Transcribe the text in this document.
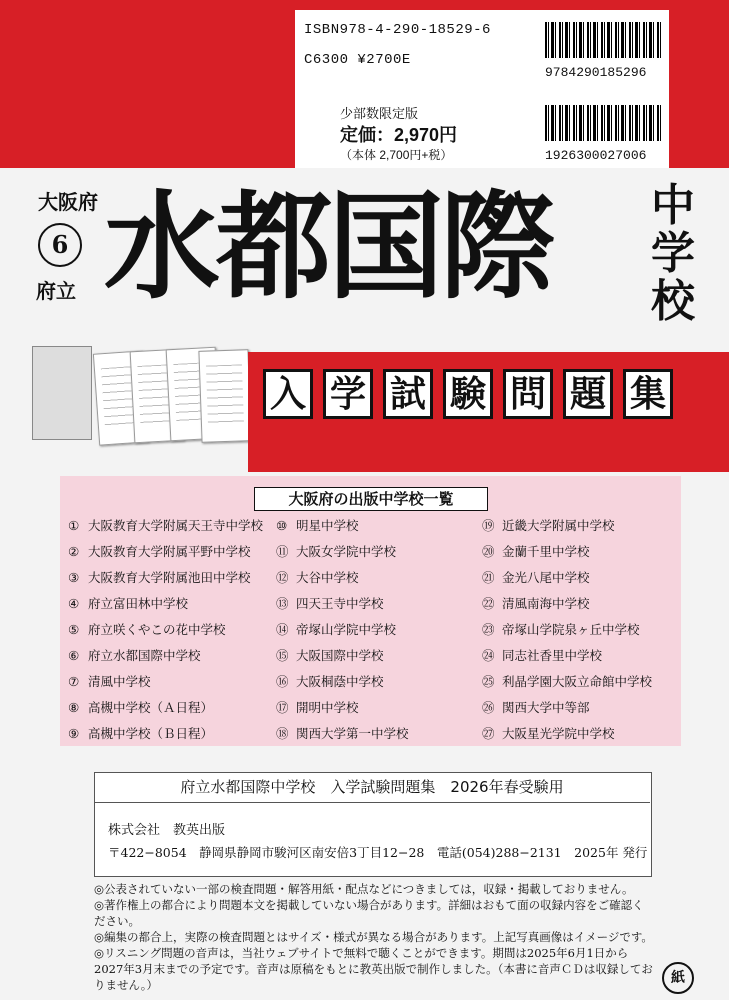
ISBN978-4-290-18529-6
C6300 ¥2700E
9784290185296
1926300027006
少部数限定版
定価：2,970円
（本体 2,700円+税）
大阪府
6
府立 水都国際 中学校
入 学 試 験 問 題 集
大阪府の出版中学校一覧
① 大阪教育大学附属天王寺中学校
② 大阪教育大学附属平野中学校
③ 大阪教育大学附属池田中学校
④ 府立富田林中学校
⑤ 府立咲くやこの花中学校
⑥ 府立水都国際中学校
⑦ 清風中学校
⑧ 高槻中学校（Ａ日程）
⑨ 高槻中学校（Ｂ日程）
⑩ 明星中学校
⑪ 大阪女学院中学校
⑫ 大谷中学校
⑬ 四天王寺中学校
⑭ 帝塚山学院中学校
⑮ 大阪国際中学校
⑯ 大阪桐蔭中学校
⑰ 開明中学校
⑱ 関西大学第一中学校
⑲ 近畿大学附属中学校
⑳ 金蘭千里中学校
㉑ 金光八尾中学校
㉒ 清風南海中学校
㉓ 帝塚山学院泉ヶ丘中学校
㉔ 同志社香里中学校
㉕ 利晶学園大阪立命館中学校
㉖ 関西大学中等部
㉗ 大阪星光学院中学校
府立水都国際中学校　入学試験問題集　2026年春受験用
株式会社　教英出版
〒422−8054　静岡県静岡市駿河区南安倍3丁目12−28　電話(054)288−2131　2025年 発行
◎公表されていない一部の検査問題・解答用紙・配点などにつきましては，収録・掲載しておりません。
◎著作権上の都合により問題本文を掲載していない場合があります。詳細はおもて面の収録内容をご確認ください。
◎編集の都合上，実際の検査問題とはサイズ・様式が異なる場合があります。上記写真画像はイメージです。
◎リスニング問題の音声は，当社ウェブサイトで無料で聴くことができます。期間は2025年6月1日から2027年3月末までの予定です。音声は原稿をもとに教英出版で制作しました。（本書に音声ＣＤは収録しておりません。）	紙
